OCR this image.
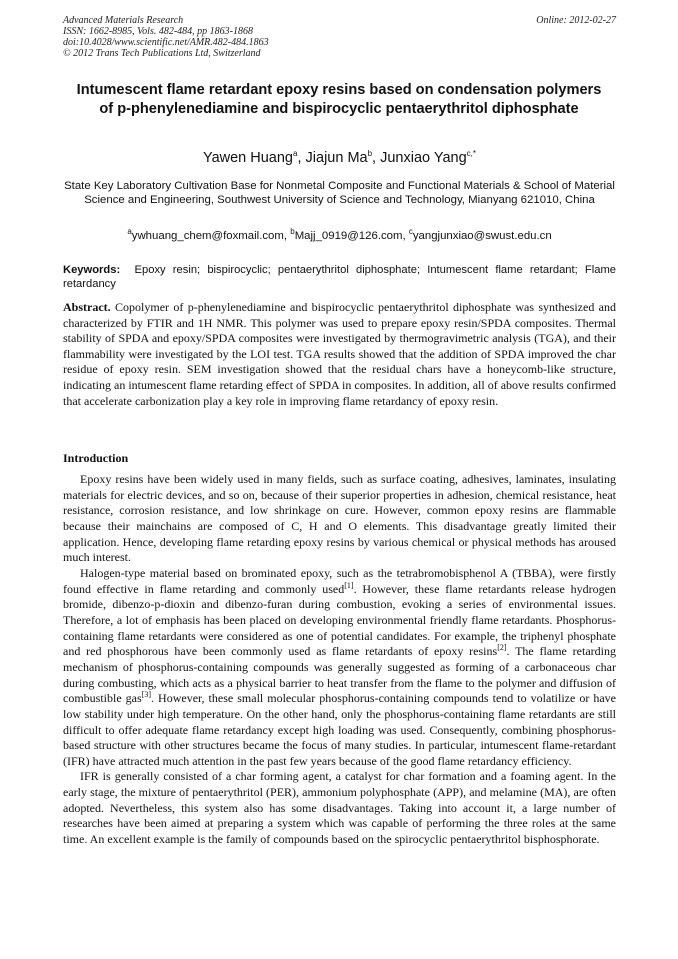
Advanced Materials Research
ISSN: 1662-8985, Vols. 482-484, pp 1863-1868
doi:10.4028/www.scientific.net/AMR.482-484.1863
© 2012 Trans Tech Publications Ltd, Switzerland
Online: 2012-02-27
Intumescent flame retardant epoxy resins based on condensation polymers of p-phenylenediamine and bispirocyclic pentaerythritol diphosphate
Yawen Huang$^a$, Jiajun Ma$^b$, Junxiao Yang$^{c,*}$
State Key Laboratory Cultivation Base for Nonmetal Composite and Functional Materials & School of Material Science and Engineering, Southwest University of Science and Technology, Mianyang 621010, China
$^a$ywhuang_chem@foxmail.com, $^b$Majj_0919@126.com, $^c$yangjunxiao@swust.edu.cn
Keywords: Epoxy resin; bispirocyclic; pentaerythritol diphosphate; Intumescent flame retardant; Flame retardancy
Abstract. Copolymer of p-phenylenediamine and bispirocyclic pentaerythritol diphosphate was synthesized and characterized by FTIR and 1H NMR. This polymer was used to prepare epoxy resin/SPDA composites. Thermal stability of SPDA and epoxy/SPDA composites were investigated by thermogravimetric analysis (TGA), and their flammability were investigated by the LOI test. TGA results showed that the addition of SPDA improved the char residue of epoxy resin. SEM investigation showed that the residual chars have a honeycomb-like structure, indicating an intumescent flame retarding effect of SPDA in composites. In addition, all of above results confirmed that accelerate carbonization play a key role in improving flame retardancy of epoxy resin.
Introduction

Epoxy resins have been widely used in many fields, such as surface coating, adhesives, laminates, insulating materials for electric devices, and so on, because of their superior properties in adhesion, chemical resistance, heat resistance, corrosion resistance, and low shrinkage on cure. However, common epoxy resins are flammable because their mainchains are composed of C, H and O elements. This disadvantage greatly limited their application. Hence, developing flame retarding epoxy resins by various chemical or physical methods has aroused much interest.

Halogen-type material based on brominated epoxy, such as the tetrabromobisphenol A (TBBA), were firstly found effective in flame retarding and commonly used[1]. However, these flame retardants release hydrogen bromide, dibenzo-p-dioxin and dibenzo-furan during combustion, evoking a series of environmental issues. Therefore, a lot of emphasis has been placed on developing environmental friendly flame retardants. Phosphorus-containing flame retardants were considered as one of potential candidates. For example, the triphenyl phosphate and red phosphorous have been commonly used as flame retardants of epoxy resins[2]. The flame retarding mechanism of phosphorus-containing compounds was generally suggested as forming of a carbonaceous char during combusting, which acts as a physical barrier to heat transfer from the flame to the polymer and diffusion of combustible gas[3]. However, these small molecular phosphorus-containing compounds tend to volatilize or have low stability under high temperature. On the other hand, only the phosphorus-containing flame retardants are still difficult to offer adequate flame retardancy except high loading was used. Consequently, combining phosphorus-based structure with other structures became the focus of many studies. In particular, intumescent flame-retardant (IFR) have attracted much attention in the past few years because of the good flame retardancy efficiency.

IFR is generally consisted of a char forming agent, a catalyst for char formation and a foaming agent. In the early stage, the mixture of pentaerythritol (PER), ammonium polyphosphate (APP), and melamine (MA), are often adopted. Nevertheless, this system also has some disadvantages. Taking into account it, a large number of researches have been aimed at preparing a system which was capable of performing the three roles at the same time. An excellent example is the family of compounds based on the spirocyclic pentaerythritol bisphosphorate.
